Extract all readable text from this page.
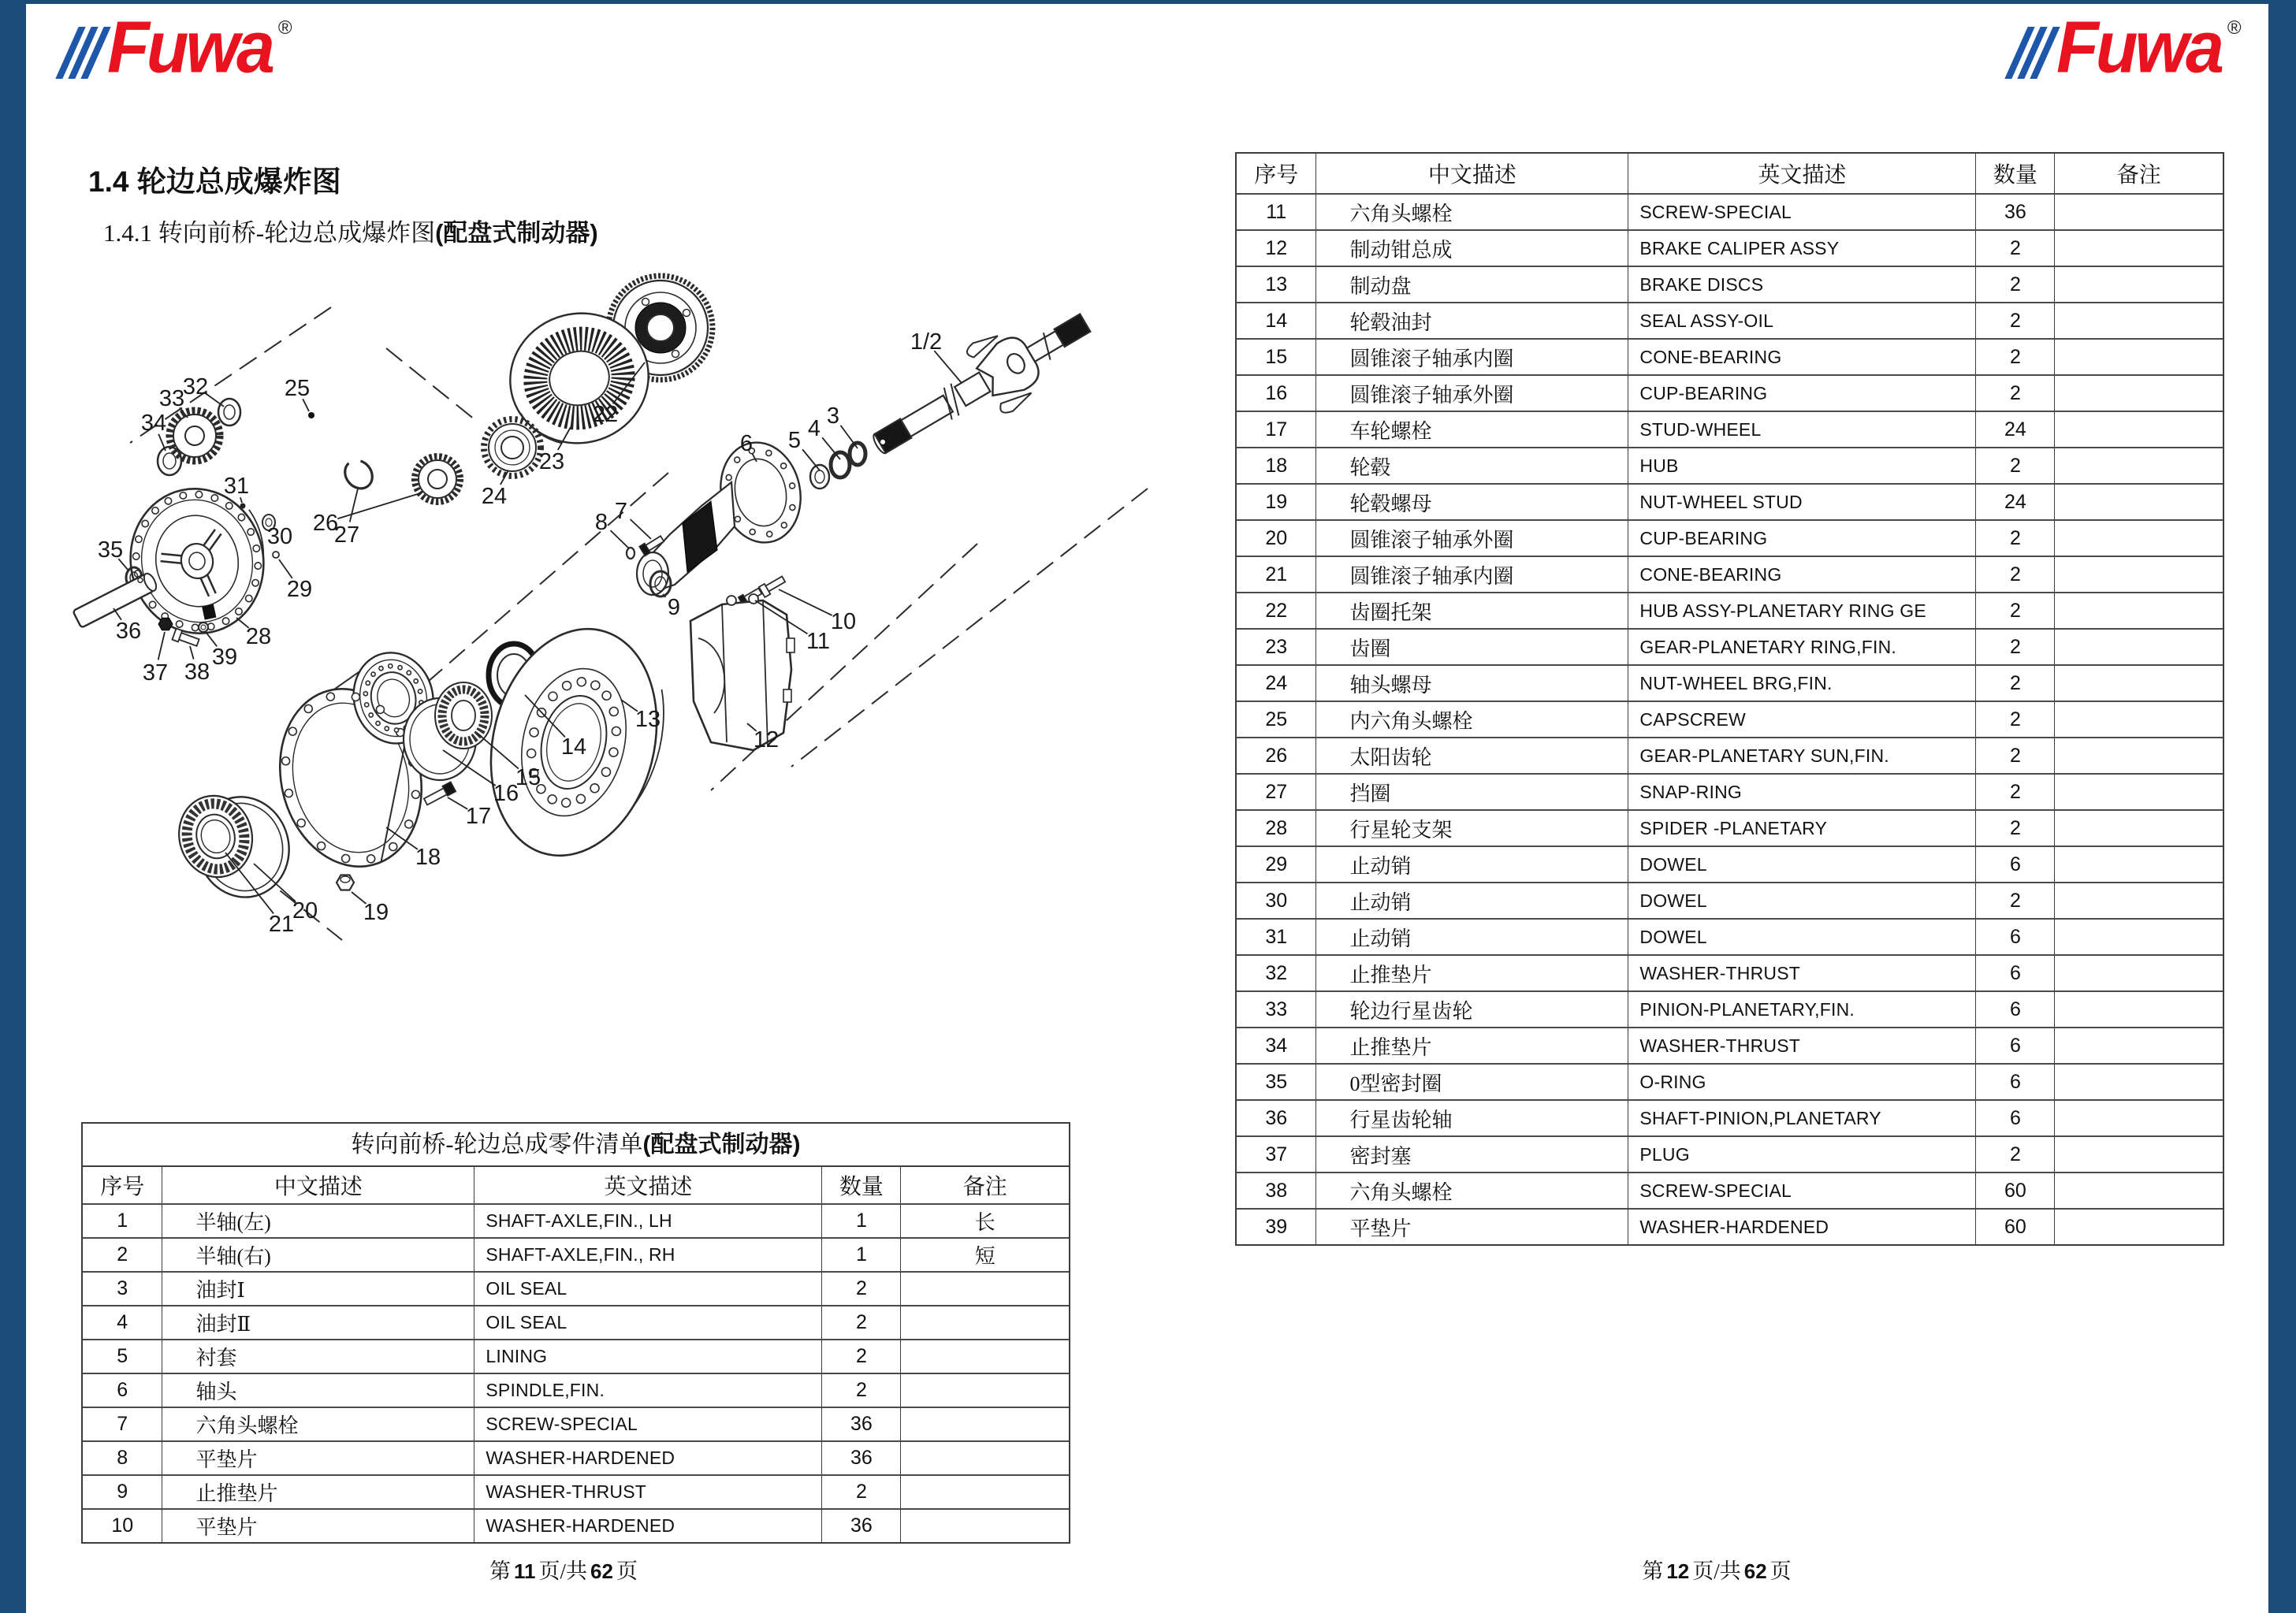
Fuwa ®	Fuwa ®
1.4 轮边总成爆炸图
1.4.1 转向前桥-轮边总成爆炸图(配盘式制动器)
1/2
3
4
5
6
7
8
9
10
11
12
13
14
15
16
17
18
19
20
21
22
23
24
25
26
27
28
29
30
31
32
33
34
35
36
37 38
39
转向前桥-轮边总成零件清单(配盘式制动器)
序号	中文描述	英文描述	数量	备注
1	半轴(左)	SHAFT-AXLE,FIN., LH	1	长
2	半轴(右)	SHAFT-AXLE,FIN., RH	1	短
3	油封Ⅰ	OIL SEAL	2	
4	油封Ⅱ	OIL SEAL	2	
5	衬套	LINING	2	
6	轴头	SPINDLE,FIN.	2	
7	六角头螺栓	SCREW-SPECIAL	36	
8	平垫片	WASHER-HARDENED	36	
9	止推垫片	WASHER-THRUST	2	
10	平垫片	WASHER-HARDENED	36	
序号	中文描述	英文描述	数量	备注
11	六角头螺栓	SCREW-SPECIAL	36	
12	制动钳总成	BRAKE CALIPER ASSY	2	
13	制动盘	BRAKE DISCS	2	
14	轮毂油封	SEAL ASSY-OIL	2	
15	圆锥滚子轴承内圈	CONE-BEARING	2	
16	圆锥滚子轴承外圈	CUP-BEARING	2	
17	车轮螺栓	STUD-WHEEL	24	
18	轮毂	HUB	2	
19	轮毂螺母	NUT-WHEEL STUD	24	
20	圆锥滚子轴承外圈	CUP-BEARING	2	
21	圆锥滚子轴承内圈	CONE-BEARING	2	
22	齿圈托架	HUB ASSY-PLANETARY RING GE	2	
23	齿圈	GEAR-PLANETARY RING,FIN.	2	
24	轴头螺母	NUT-WHEEL BRG,FIN.	2	
25	内六角头螺栓	CAPSCREW	2	
26	太阳齿轮	GEAR-PLANETARY SUN,FIN.	2	
27	挡圈	SNAP-RING	2	
28	行星轮支架	SPIDER -PLANETARY	2	
29	止动销	DOWEL	6	
30	止动销	DOWEL	2	
31	止动销	DOWEL	6	
32	止推垫片	WASHER-THRUST	6	
33	轮边行星齿轮	PINION-PLANETARY,FIN.	6	
34	止推垫片	WASHER-THRUST	6	
35	0型密封圈	O-RING	6	
36	行星齿轮轴	SHAFT-PINION,PLANETARY	6	
37	密封塞	PLUG	2	
38	六角头螺栓	SCREW-SPECIAL	60	
39	平垫片	WASHER-HARDENED	60	
第 11 页/共 62 页	第 12 页/共 62 页
